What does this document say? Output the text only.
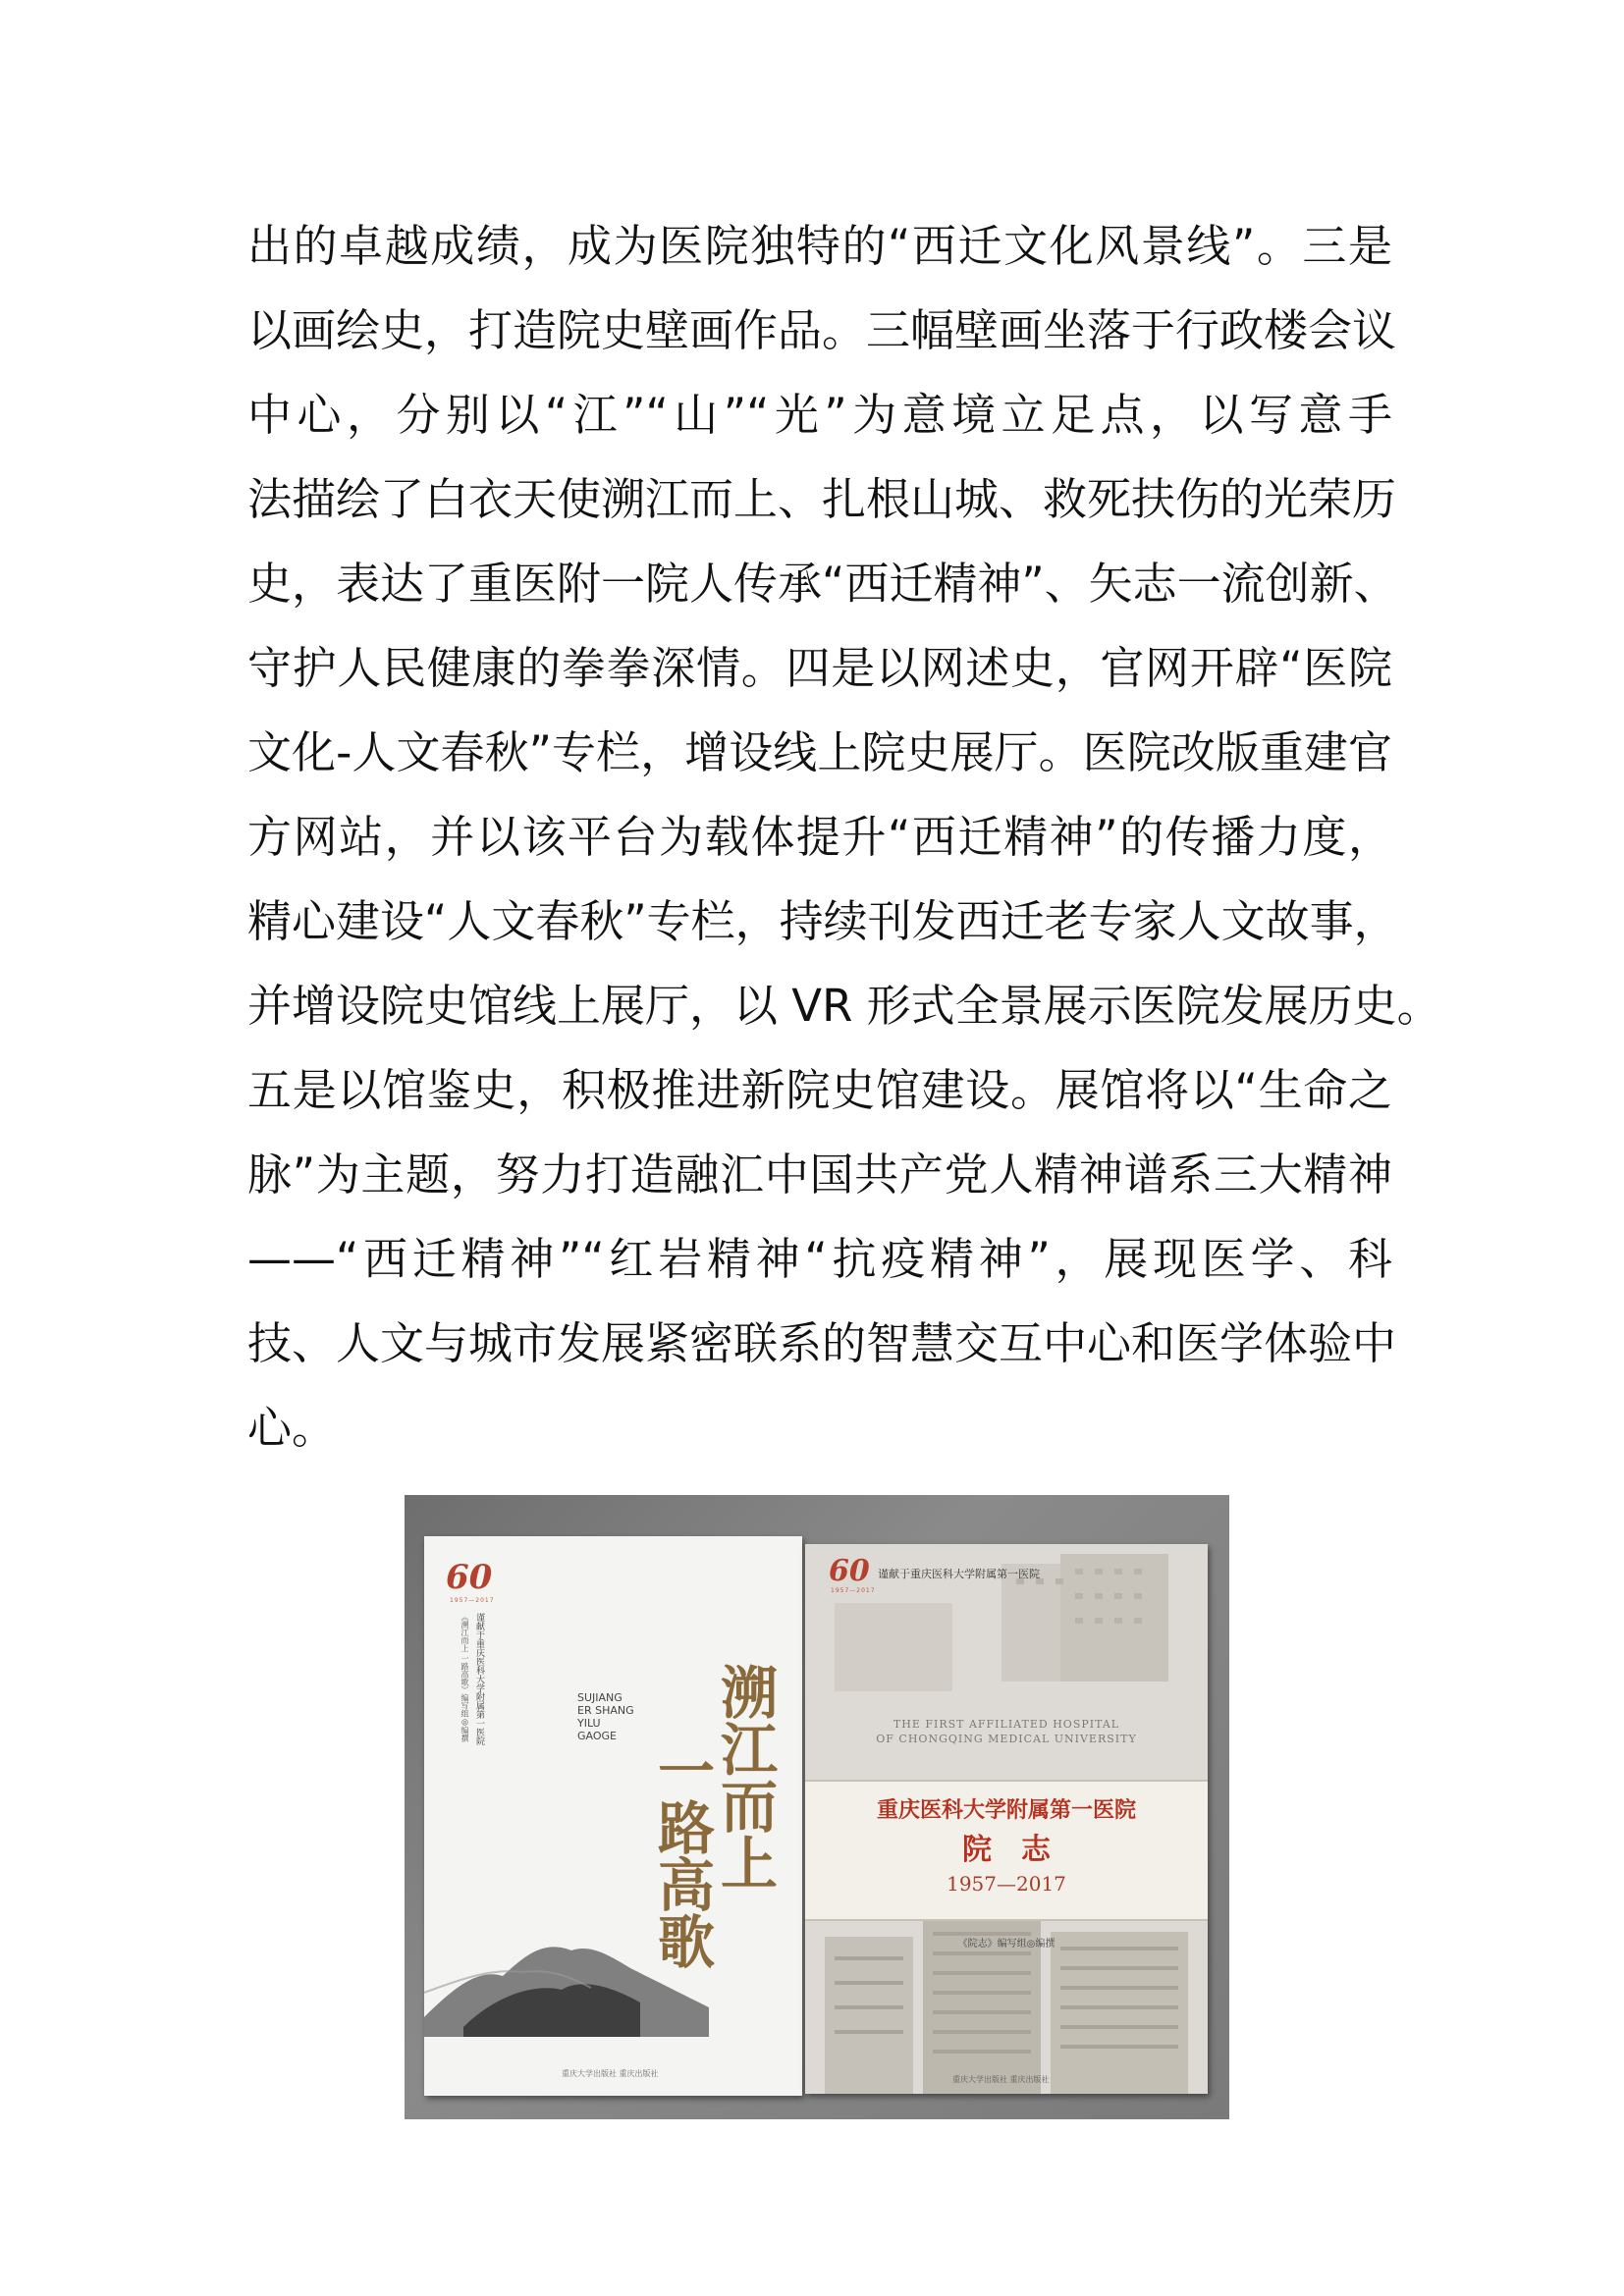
出的卓越成绩，成为医院独特的“西迁文化风景线”。三是
以画绘史，打造院史壁画作品。三幅壁画坐落于行政楼会议
中心，分别以“江”“山”“光”为意境立足点，以写意手
法描绘了白衣天使溯江而上、扎根山城、救死扶伤的光荣历
史，表达了重医附一院人传承“西迁精神”、矢志一流创新、
守护人民健康的拳拳深情。四是以网述史，官网开辟“医院
文化-人文春秋”专栏，增设线上院史展厅。医院改版重建官
方网站，并以该平台为载体提升“西迁精神”的传播力度，
精心建设“人文春秋”专栏，持续刊发西迁老专家人文故事，
并增设院史馆线上展厅，以 VR 形式全景展示医院发展历史。
五是以馆鉴史，积极推进新院史馆建设。展馆将以“生命之
脉”为主题，努力打造融汇中国共产党人精神谱系三大精神
——“西迁精神”“红岩精神“抗疫精神”，展现医学、科
技、人文与城市发展紧密联系的智慧交互中心和医学体验中
心。
60
1957—2017
谨献于重庆医科大学附属第一医院
《溯江而上 一路高歌》编写组◎编撰	SUJIANG
ER SHANG
YILU
GAOGE	溯江而上
一路高歌
重庆大学出版社 重庆出版社
60
1957—2017
谨献于重庆医科大学附属第一医院
THE FIRST AFFILIATED HOSPITAL
OF CHONGQING MEDICAL UNIVERSITY
重庆医科大学附属第一医院
院　志
1957—2017
《院志》编写组◎编撰
重庆大学出版社 重庆出版社
